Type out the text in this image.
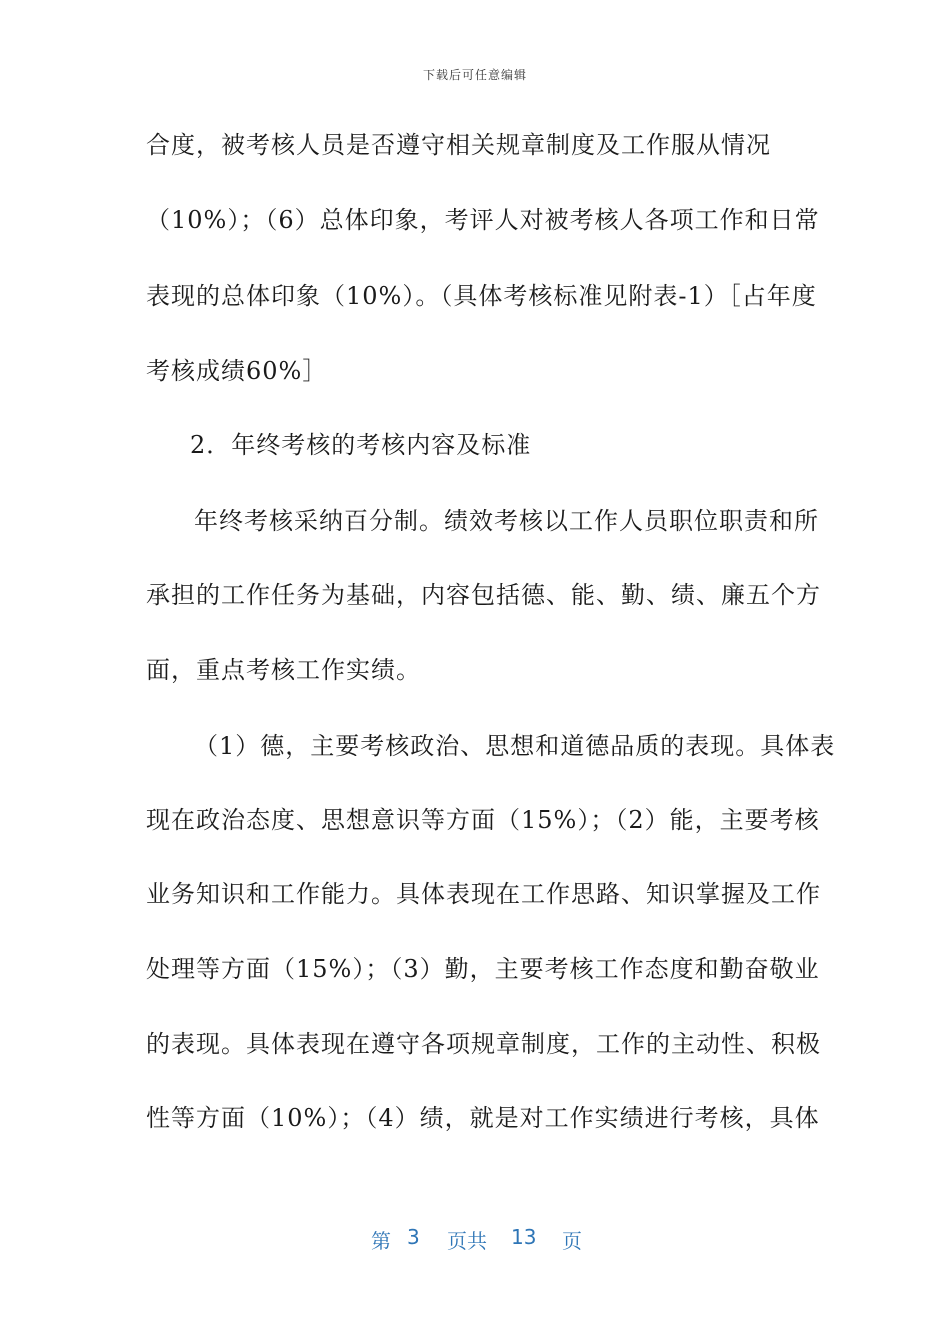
下载后可任意编辑
合度，被考核人员是否遵守相关规章制度及工作服从情况
（10%）；（6）总体印象，考评人对被考核人各项工作和日常
表现的总体印象（10%）。（具体考核标准见附表-1）［占年度
考核成绩60%］
2．年终考核的考核内容及标准
年终考核采纳百分制。绩效考核以工作人员职位职责和所
承担的工作任务为基础，内容包括德、能、勤、绩、廉五个方
面，重点考核工作实绩。
（1）德，主要考核政治、思想和道德品质的表现。具体表
现在政治态度、思想意识等方面（15%）；（2）能，主要考核
业务知识和工作能力。具体表现在工作思路、知识掌握及工作
处理等方面（15%）；（3）勤，主要考核工作态度和勤奋敬业
的表现。具体表现在遵守各项规章制度，工作的主动性、积极
性等方面（10%）；（4）绩，就是对工作实绩进行考核，具体
第 3 页共 13 页
